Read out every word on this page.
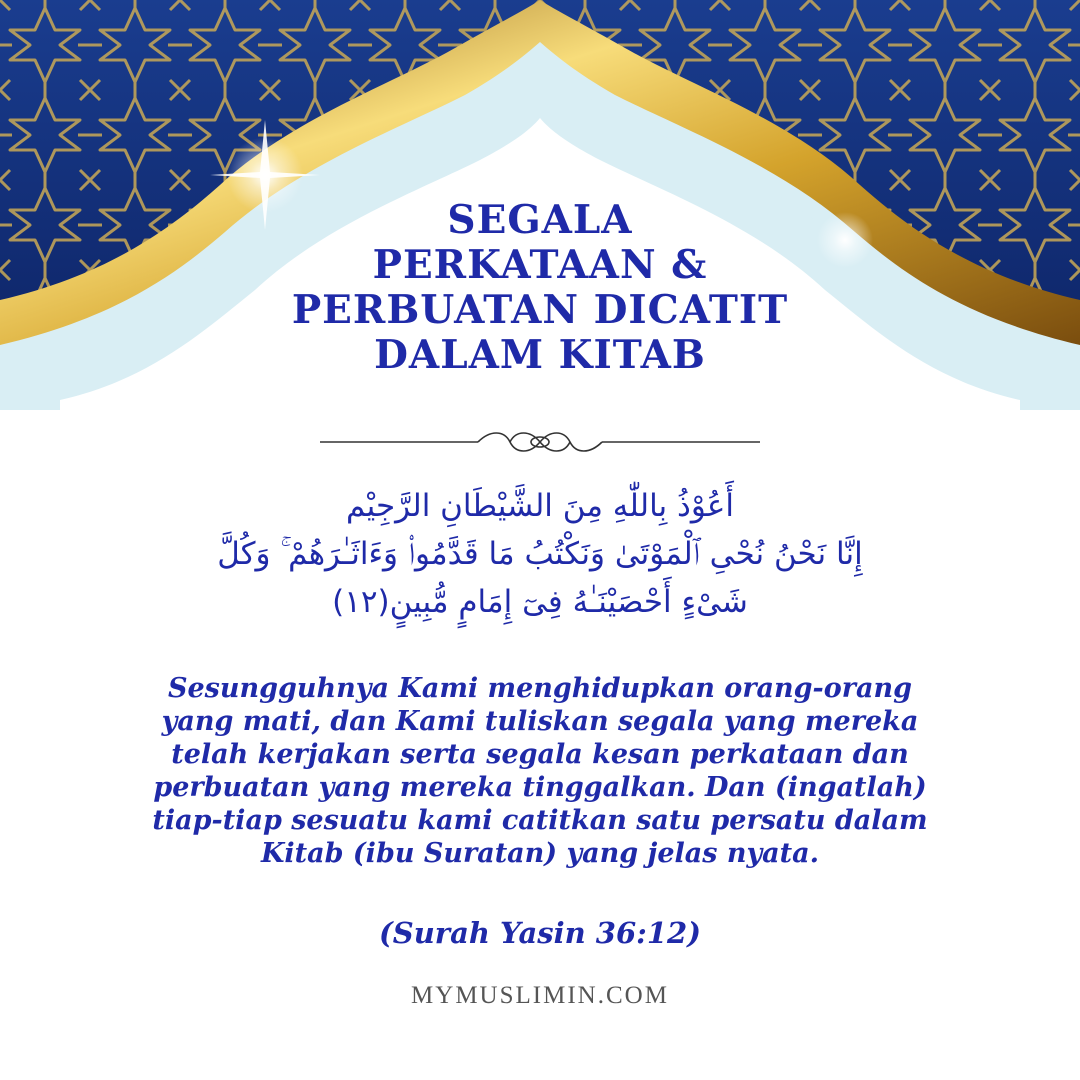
SEGALA
PERKATAAN &
PERBUATAN DICATIT
DALAM KITAB
أَعُوْذُ بِاللّٰهِ مِنَ الشَّيْطَانِ الرَّجِيْم
إِنَّا نَحْنُ نُحْىِ ٱلْمَوْتَىٰ وَنَكْتُبُ مَا قَدَّمُوا۟ وَءَاثَـٰرَهُمْ ۚ وَكُلَّ
شَىْءٍ أَحْصَيْنَـٰهُ فِىٓ إِمَامٍ مُّبِينٍ(١٢)
Sesungguhnya Kami menghidupkan orang-orang
yang mati, dan Kami tuliskan segala yang mereka
telah kerjakan serta segala kesan perkataan dan
perbuatan yang mereka tinggalkan. Dan (ingatlah)
tiap-tiap sesuatu kami catitkan satu persatu dalam
Kitab (ibu Suratan) yang jelas nyata.
(Surah Yasin 36:12)
MYMUSLIMIN.COM
